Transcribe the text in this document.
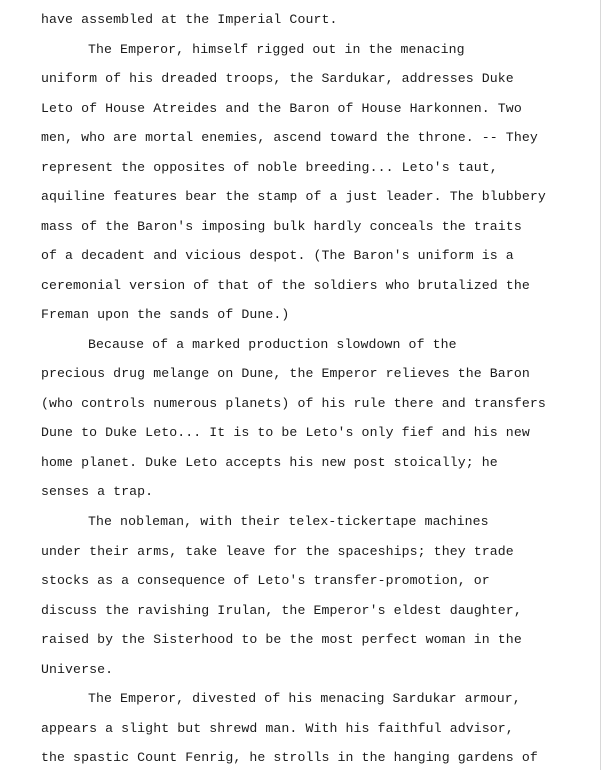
have assembled at the Imperial Court.
The Emperor, himself rigged out in the menacing
uniform of his dreaded troops, the Sardukar, addresses Duke
Leto of House Atreides and the Baron of House Harkonnen. Two
men, who are mortal enemies, ascend toward the throne. -- They
represent the opposites of noble breeding... Leto's taut,
aquiline features bear the stamp of a just leader. The blubbery
mass of the Baron's imposing bulk hardly conceals the traits
of a decadent and vicious despot. (The Baron's uniform is a
ceremonial version of that of the soldiers who brutalized the
Freman upon the sands of Dune.)
Because of a marked production slowdown of the
precious drug melange on Dune, the Emperor relieves the Baron
(who controls numerous planets) of his rule there and transfers
Dune to Duke Leto... It is to be Leto's only fief and his new
home planet. Duke Leto accepts his new post stoically; he
senses a trap.
The nobleman, with their telex-tickertape machines
under their arms, take leave for the spaceships; they trade
stocks as a consequence of Leto's transfer-promotion, or
discuss the ravishing Irulan, the Emperor's eldest daughter,
raised by the Sisterhood to be the most perfect woman in the
Universe.
The Emperor, divested of his menacing Sardukar armour,
appears a slight but shrewd man. With his faithful advisor,
the spastic Count Fenrig, he strolls in the hanging gardens of
